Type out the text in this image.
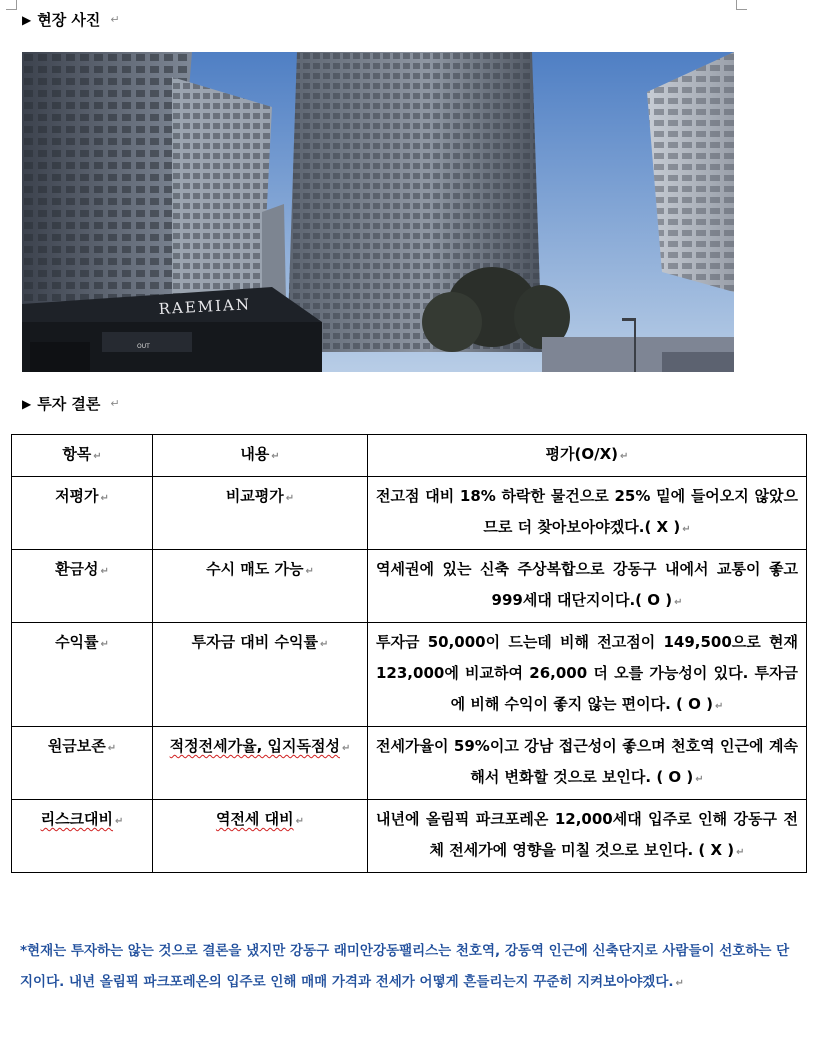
▶ 현장 사진 ↵
RAEMIAN
OUT
▶ 투자 결론 ↵
항목 ↵	내용 ↵	평가(O/X) ↵
저평가 ↵	비교평가 ↵	전고점 대비 18% 하락한 물건으로 25% 밑에 들어오지 않았으므로 더 찾아보아야겠다.( X ) ↵
환금성 ↵	수시 매도 가능 ↵	역세권에 있는 신축 주상복합으로 강동구 내에서 교통이 좋고 999세대 대단지이다.( O ) ↵
수익률 ↵	투자금 대비 수익률 ↵	투자금 50,000이 드는데 비해 전고점이 149,500으로 현재 123,000에 비교하여 26,000 더 오를 가능성이 있다. 투자금에 비해 수익이 좋지 않는 편이다. ( O ) ↵
원금보존 ↵	적정전세가율, 입지독점성 ↵	전세가율이 59%이고 강남 접근성이 좋으며 천호역 인근에 계속해서 변화할 것으로 보인다. ( O ) ↵
리스크대비 ↵	역전세 대비 ↵	내년에 올림픽 파크포레온 12,000세대 입주로 인해 강동구 전체 전세가에 영향을 미칠 것으로 보인다. ( X ) ↵
*현재는 투자하는 않는 것으로 결론을 냈지만 강동구 래미안강동팰리스는 천호역, 강동역 인근에 신축단지로 사람들이 선호하는 단지이다. 내년 올림픽 파크포레온의 입주로 인해 매매 가격과 전세가 어떻게 흔들리는지 꾸준히 지켜보아야겠다. ↵
